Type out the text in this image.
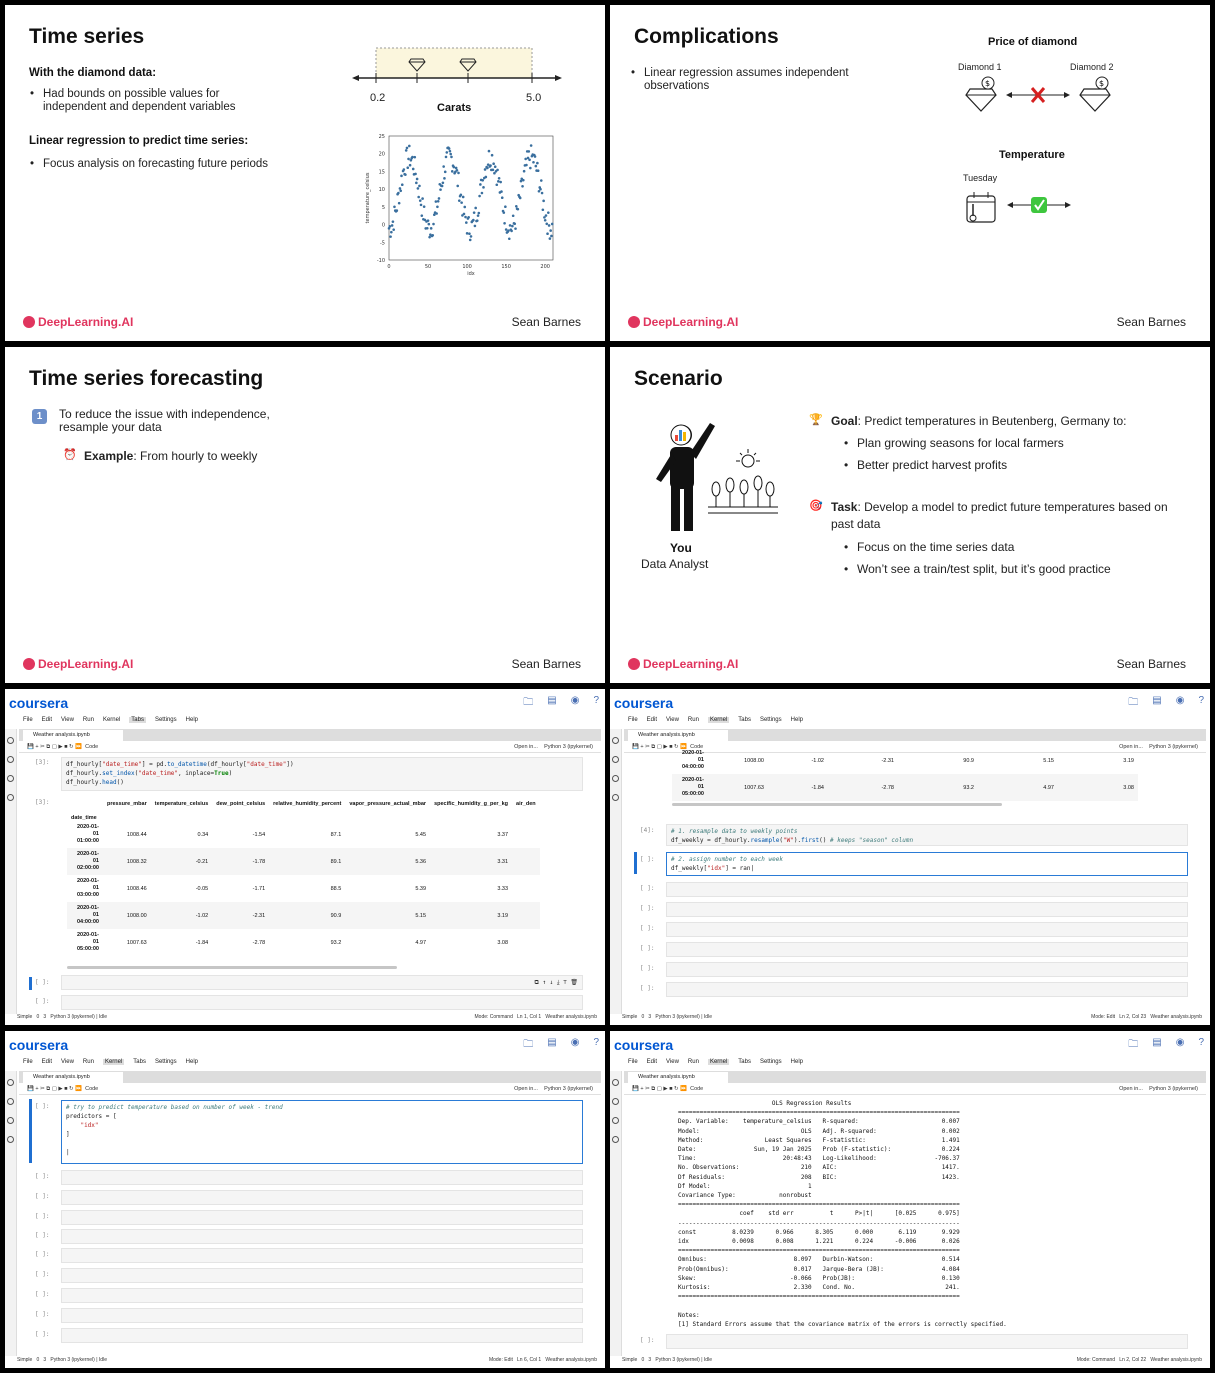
Time series
With the diamond data:
• Had bounds on possible values for independent and dependent variables
Linear regression to predict time series:
• Focus analysis on forecasting future periods
0.2	5.0
Carats
0	50	100	150	200
25
20
15
10
5
0
-5
-10
idx
temperature_celsius
DeepLearning.AI	Sean Barnes
Complications
• Linear regression assumes independent observations
Price of diamond
Diamond 1	Diamond 2
$	$
Temperature
Tuesday
DeepLearning.AI	Sean Barnes
Time series forecasting
1	To reduce the issue with independence, resample your data
⏰ Example: From hourly to weekly
DeepLearning.AI	Sean Barnes
Scenario
You
Data Analyst
🏆 Goal: Predict temperatures in Beutenberg, Germany to:
• Plan growing seasons for local farmers
• Better predict harvest profits
🎯 Task: Develop a model to predict future temperatures based on past data
• Focus on the time series data
• Won’t see a train/test split, but it’s good practice
DeepLearning.AI	Sean Barnes
coursera	🗀 ▤ ◉ ?
File Edit View Run Kernel	Tabs	Settings Help
Weather analysis.ipynb
💾 + ✂ ⧉ ▢ ▶ ■ ↻ ⏩  Code	Open in... Python 3 (ipykernel)
[3]:	df_hourly["date_time"] = pd.to_datetime(df_hourly["date_time"])
df_hourly.set_index("date_time", inplace=True)
df_hourly.head()
[3]:
		pressure_mbar	temperature_celsius	dew_point_celsius	relative_humidity_percent	vapor_pressure_actual_mbar	specific_humidity_g_per_kg	air_den
date_time							
2020-01-
01
01:00:00	1008.44	0.34	-1.54	87.1	5.45	3.37	
2020-01-
01
02:00:00	1008.32	-0.21	-1.78	89.1	5.36	3.31	
2020-01-
01
03:00:00	1008.46	-0.05	-1.71	88.5	5.39	3.33	
2020-01-
01
04:00:00	1008.00	-1.02	-2.31	90.9	5.15	3.19	
2020-01-
01
05:00:00	1007.63	-1.84	-2.78	93.2	4.97	3.08	
[ ]:	⧉ ↑ ↓ ⤓ ⊤ 🗑
[ ]:
Simple   0   3   Python 3 (ipykernel) | Idle	Mode: Command Ln 1, Col 1 Weather analysis.ipynb
coursera	🗀 ▤ ◉ ?
File Edit View Run	Kernel	Tabs Settings Help
Weather analysis.ipynb
💾 + ✂ ⧉ ▢ ▶ ■ ↻ ⏩  Code	Open in... Python 3 (ipykernel)
2020-01-
01
04:00:00	1008.00	-1.02	-2.31	90.9	5.15	3.19
2020-01-
01
05:00:00	1007.63	-1.84	-2.78	93.2	4.97	3.08
[4]:	# 1. resample data to weekly points
df_weekly = df_hourly.resample("W").first() # keeps "season" column
[ ]:	# 2. assign number to each week
df_weekly["idx"] = ran|
[ ]:
[ ]:
[ ]:
[ ]:
[ ]:
[ ]:
Simple   0   3   Python 3 (ipykernel) | Idle	Mode: Edit Ln 2, Col 23 Weather analysis.ipynb
coursera	🗀 ▤ ◉ ?
File Edit View Run	Kernel	Tabs Settings Help
Weather analysis.ipynb
💾 + ✂ ⧉ ▢ ▶ ■ ↻ ⏩  Code	Open in... Python 3 (ipykernel)
[ ]:	# try to predict temperature based on number of week - trend
predictors = [
"idx"
]

|
[ ]:
[ ]:
[ ]:
[ ]:
[ ]:
[ ]:
[ ]:
[ ]:
[ ]:
Simple   0   3   Python 3 (ipykernel) | Idle	Mode: Edit Ln 6, Col 1 Weather analysis.ipynb
coursera	🗀 ▤ ◉ ?
File Edit View Run	Kernel	Tabs Settings Help
Weather analysis.ipynb
💾 + ✂ ⧉ ▢ ▶ ■ ↻ ⏩  Code	Open in... Python 3 (ipykernel)
OLS Regression Results
==============================================================================
Dep. Variable:    temperature_celsius   R-squared:                       0.007
Model:                            OLS   Adj. R-squared:                  0.002
Method:                 Least Squares   F-statistic:                     1.491
Date:                Sun, 19 Jan 2025   Prob (F-statistic):              0.224
Time:                        20:48:43   Log-Likelihood:                -706.37
No. Observations:                 210   AIC:                             1417.
Df Residuals:                     208   BIC:                             1423.
Df Model:                           1
Covariance Type:            nonrobust
==============================================================================
coef    std err          t      P>|t|      [0.025      0.975]
------------------------------------------------------------------------------
const          8.0239      0.966      8.305      0.000       6.119       9.929
idx            0.0098      0.008      1.221      0.224      -0.006       0.026
==============================================================================
Omnibus:                        8.097   Durbin-Watson:                   0.514
Prob(Omnibus):                  0.017   Jarque-Bera (JB):                4.084
Skew:                          -0.066   Prob(JB):                        0.130
Kurtosis:                       2.330   Cond. No.                         241.
==============================================================================

Notes:
[1] Standard Errors assume that the covariance matrix of the errors is correctly specified.
[ ]:
Simple   0   3   Python 3 (ipykernel) | Idle	Mode: Command Ln 2, Col 22 Weather analysis.ipynb
